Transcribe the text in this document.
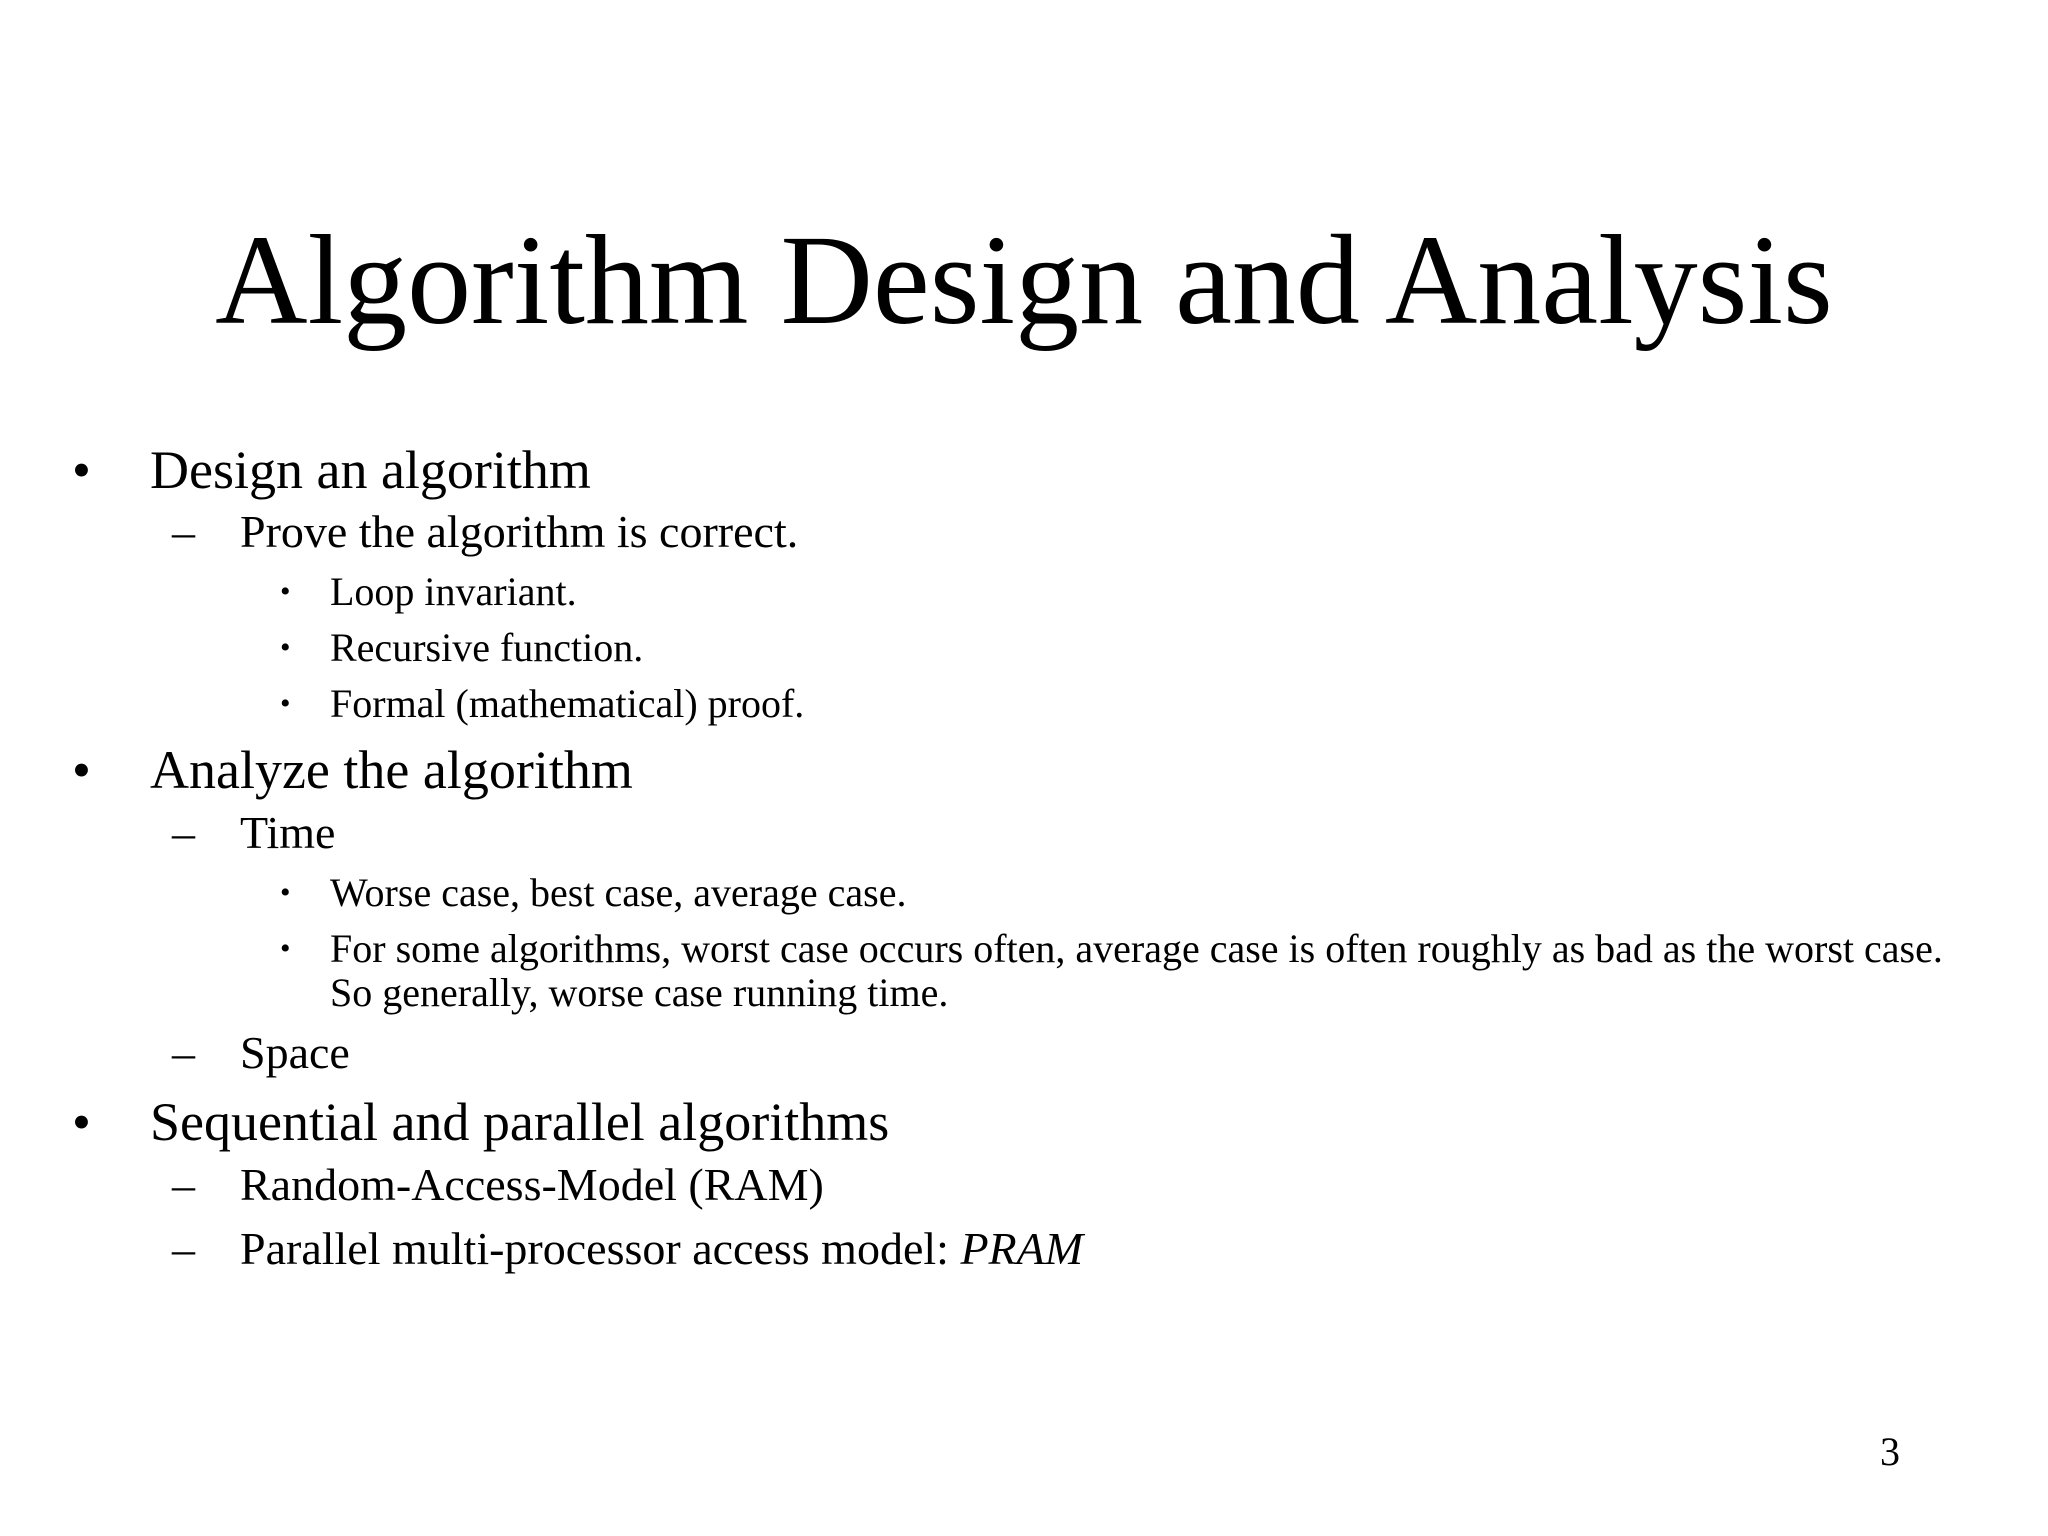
Algorithm Design and Analysis
• Design an algorithm
– Prove the algorithm is correct.
• Loop invariant.
• Recursive function.
• Formal (mathematical) proof.
• Analyze the algorithm
– Time
• Worse case, best case, average case.
• For some algorithms, worst case occurs often, average case is often roughly as bad as the worst case. So generally, worse case running time.
– Space
• Sequential and parallel algorithms
– Random-Access-Model (RAM)
– Parallel multi-processor access model: PRAM
3
